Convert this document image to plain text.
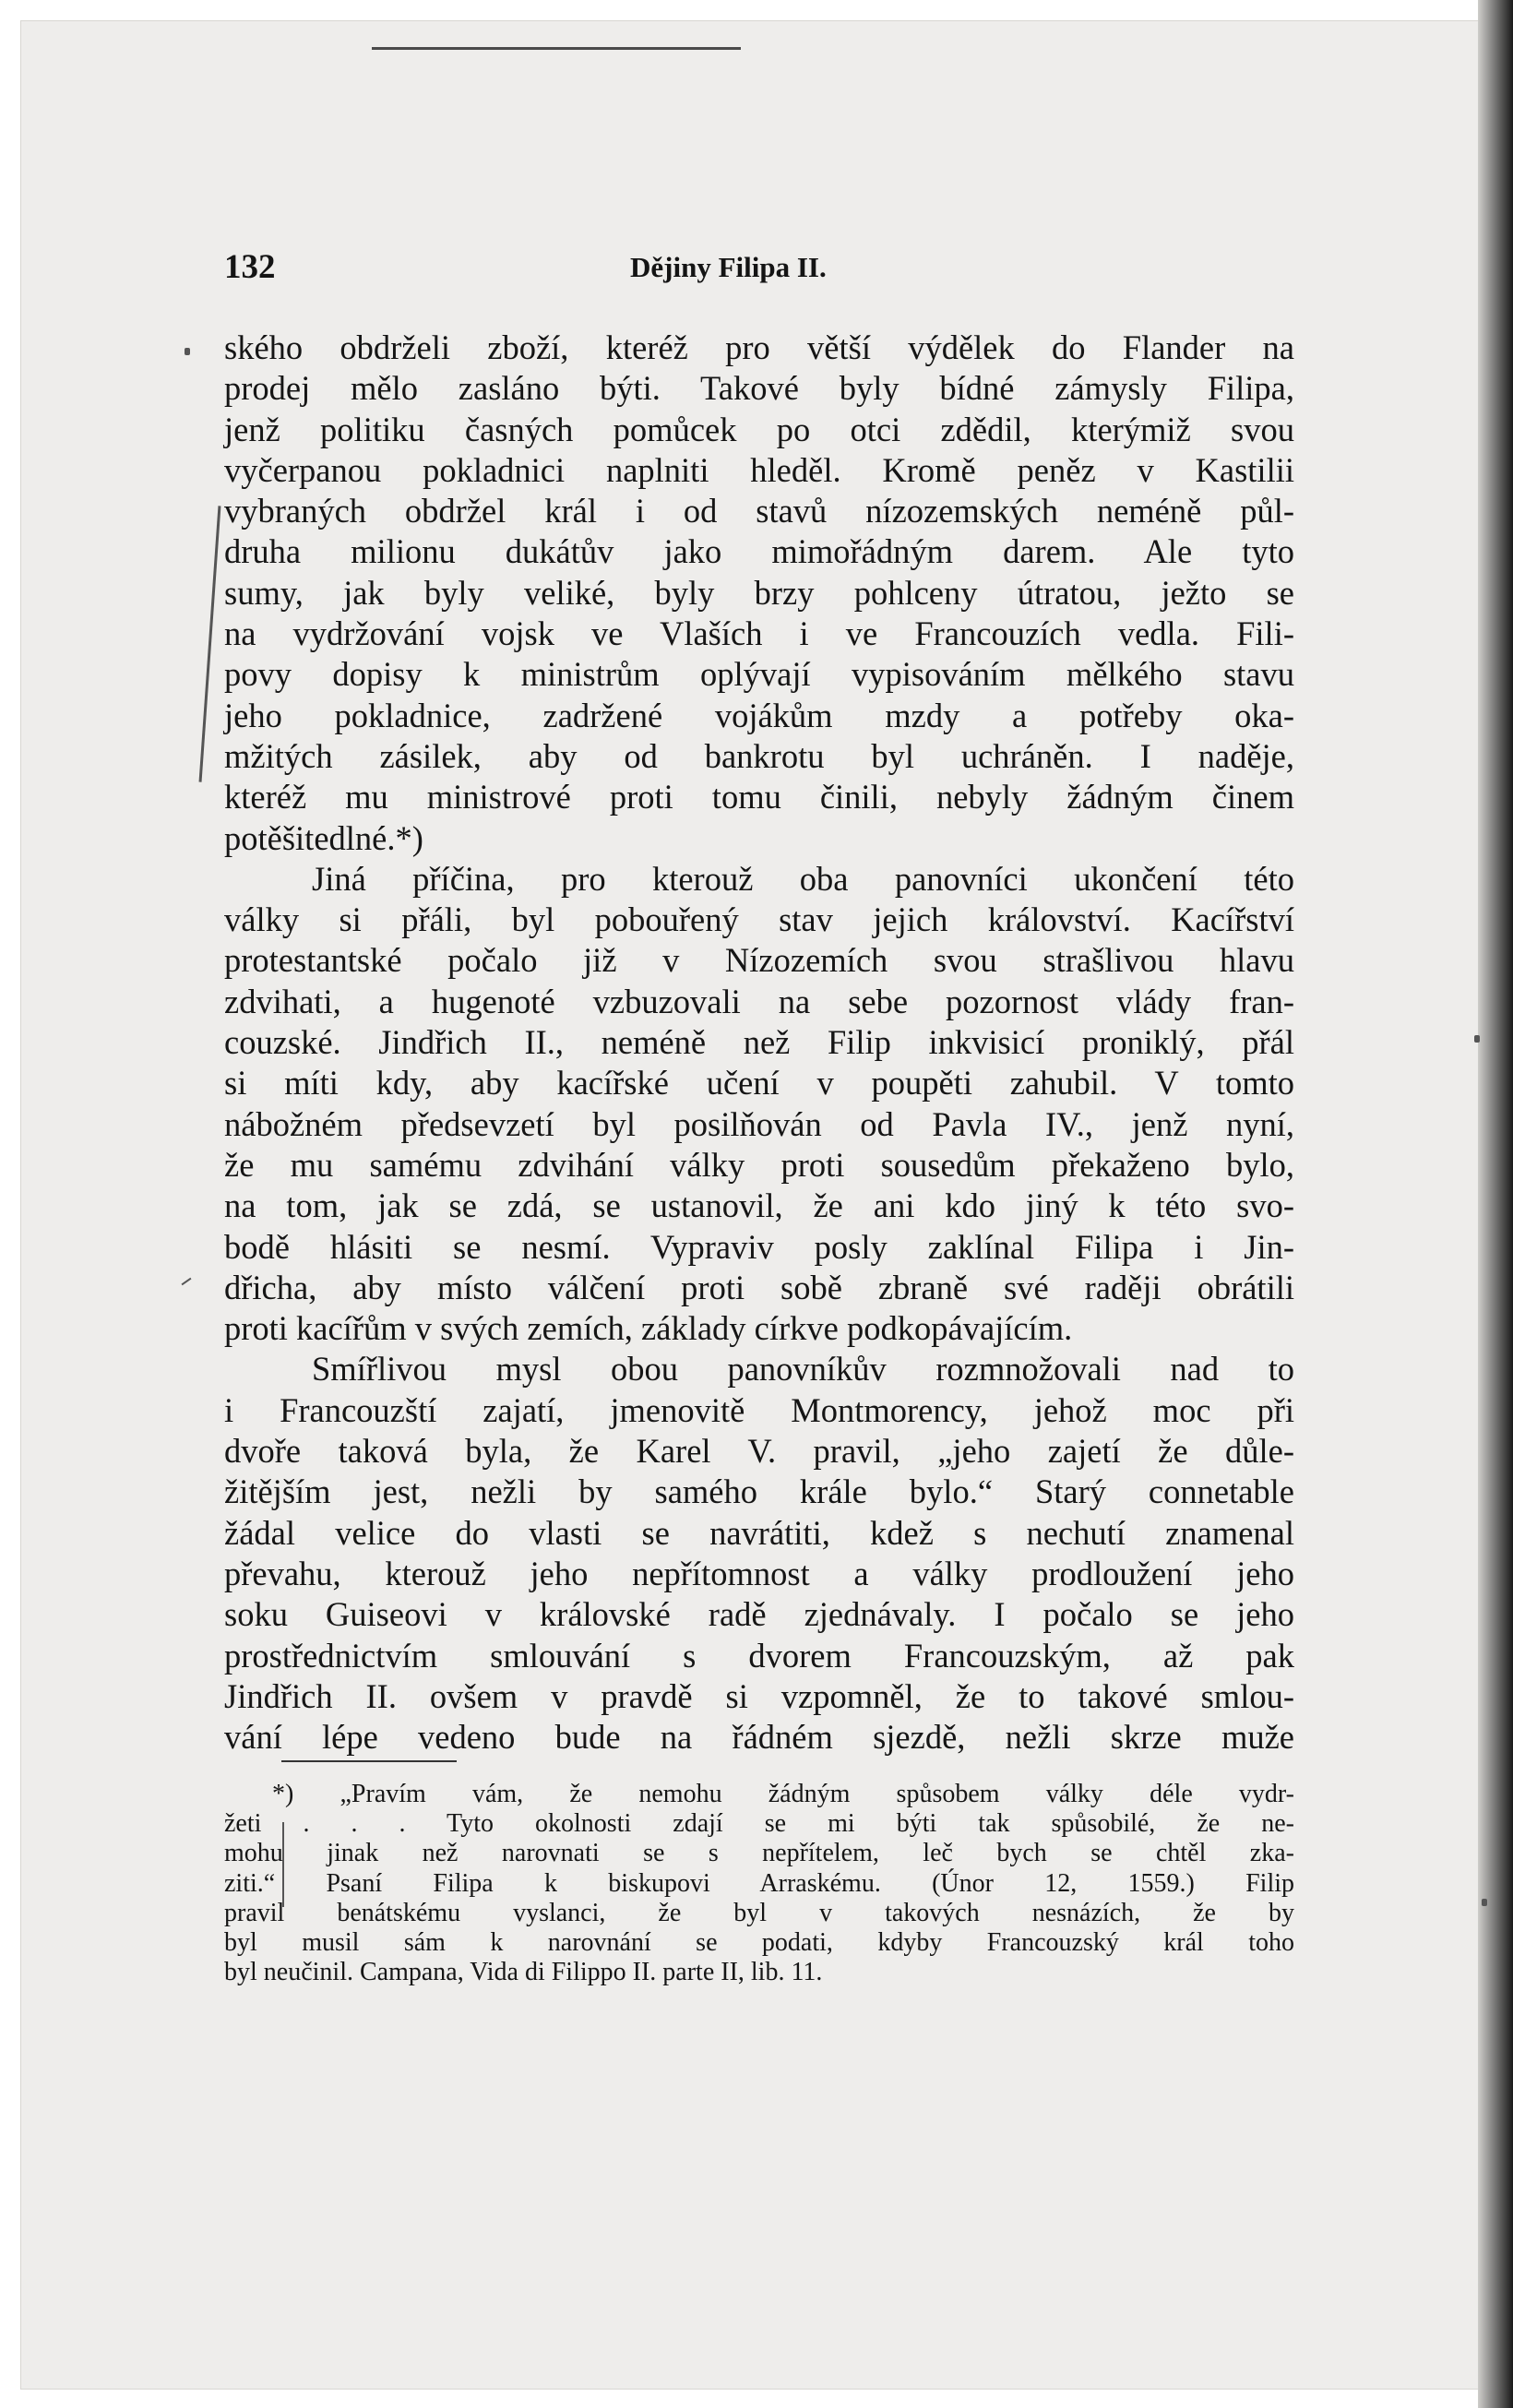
132	Dějiny Filipa II.
ského obdrželi zboží, kteréž pro větší výdělek do Flander na
prodej mělo zasláno býti. Takové byly bídné zámysly Filipa,
jenž politiku časných pomůcek po otci zdědil, kterýmiž svou
vyčerpanou pokladnici naplniti hleděl. Kromě peněz v Kastilii
vybraných obdržel král i od stavů nízozemských neméně půl-
druha milionu dukátův jako mimořádným darem. Ale tyto
sumy, jak byly veliké, byly brzy pohlceny útratou, ježto se
na vydržování vojsk ve Vlaších i ve Francouzích vedla. Fili-
povy dopisy k ministrům oplývají vypisováním mělkého stavu
jeho pokladnice, zadržené vojákům mzdy a potřeby oka-
mžitých zásilek, aby od bankrotu byl uchráněn. I naděje,
kteréž mu ministrové proti tomu činili, nebyly žádným činem
potěšitedlné.*)
Jiná příčina, pro kterouž oba panovníci ukončení této
války si přáli, byl pobouřený stav jejich království. Kacířství
protestantské počalo již v Nízozemích svou strašlivou hlavu
zdvihati, a hugenoté vzbuzovali na sebe pozornost vlády fran-
couzské. Jindřich II., neméně než Filip inkvisicí proniklý, přál
si míti kdy, aby kacířské učení v poupěti zahubil. V tomto
nábožném předsevzetí byl posilňován od Pavla IV., jenž nyní,
že mu samému zdvihání války proti sousedům překaženo bylo,
na tom, jak se zdá, se ustanovil, že ani kdo jiný k této svo-
bodě hlásiti se nesmí. Vypraviv posly zaklínal Filipa i Jin-
dřicha, aby místo válčení proti sobě zbraně své raději obrátili
proti kacířům v svých zemích, základy církve podkopávajícím.
Smířlivou mysl obou panovníkův rozmnožovali nad to
i Francouzští zajatí, jmenovitě Montmorency, jehož moc při
dvoře taková byla, že Karel V. pravil, „jeho zajetí že důle-
žitějším jest, nežli by samého krále bylo.“ Starý connetable
žádal velice do vlasti se navrátiti, kdež s nechutí znamenal
převahu, kterouž jeho nepřítomnost a války prodloužení jeho
soku Guiseovi v královské radě zjednávaly. I počalo se jeho
prostřednictvím smlouvání s dvorem Francouzským, až pak
Jindřich II. ovšem v pravdě si vzpomněl, že to takové smlou-
vání lépe vedeno bude na řádném sjezdě, nežli skrze muže
*) „Pravím vám, že nemohu žádným spůsobem války déle vydr-
žeti . . . Tyto okolnosti zdají se mi býti tak spůsobilé, že ne-
mohu jinak než narovnati se s nepřítelem, leč bych se chtěl zka-
ziti.“ Psaní Filipa k biskupovi Arraskému. (Únor 12, 1559.) Filip
pravil benátskému vyslanci, že byl v takových nesnázích, že by
byl musil sám k narovnání se podati, kdyby Francouzský král toho
byl neučinil. Campana, Vida di Filippo II. parte II, lib. 11.
